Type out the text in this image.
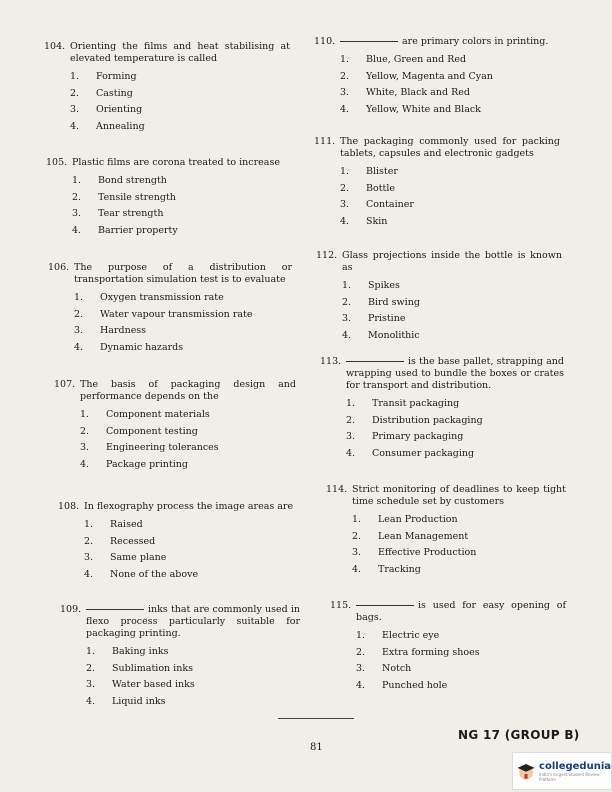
104. Orienting the films and heat stabilising at elevated temperature is called
1.	Forming
2.	Casting
3.	Orienting
4.	Annealing
105. Plastic films are corona treated to increase
1.	Bond strength
2.	Tensile strength
3.	Tear strength
4.	Barrier property
106. The purpose of a distribution or transportation simulation test is to evaluate
1.	Oxygen transmission rate
2.	Water vapour transmission rate
3.	Hardness
4.	Dynamic hazards
107. The basis of packaging design and performance depends on the
1.	Component materials
2.	Component testing
3.	Engineering tolerances
4.	Package printing
108. In flexography process the image areas are
1.	Raised
2.	Recessed
3.	Same plane
4.	None of the above
109.	inks that are commonly used in flexo process particularly suitable for packaging printing.
1.	Baking inks
2.	Sublimation inks
3.	Water based inks
4.	Liquid inks
110.	are primary colors in printing.
1.	Blue, Green and Red
2.	Yellow, Magenta and Cyan
3.	White, Black and Red
4.	Yellow, White and Black
111. The packaging commonly used for packing tablets, capsules and electronic gadgets
1.	Blister
2.	Bottle
3.	Container
4.	Skin
112. Glass projections inside the bottle is known as
1.	Spikes
2.	Bird swing
3.	Pristine
4.	Monolithic
113.	is the base pallet, strapping and wrapping used to bundle the boxes or crates for transport and distribution.
1.	Transit packaging
2.	Distribution packaging
3.	Primary packaging
4.	Consumer packaging
114. Strict monitoring of deadlines to keep tight time schedule set by customers
1.	Lean Production
2.	Lean Management
3.	Effective Production
4.	Tracking
115.	is used for easy opening of bags.
1.	Electric eye
2.	Extra forming shoes
3.	Notch
4.	Punched hole
81
NG 17 (GROUP B)
collegedunia
India's largest Student Review Platform
